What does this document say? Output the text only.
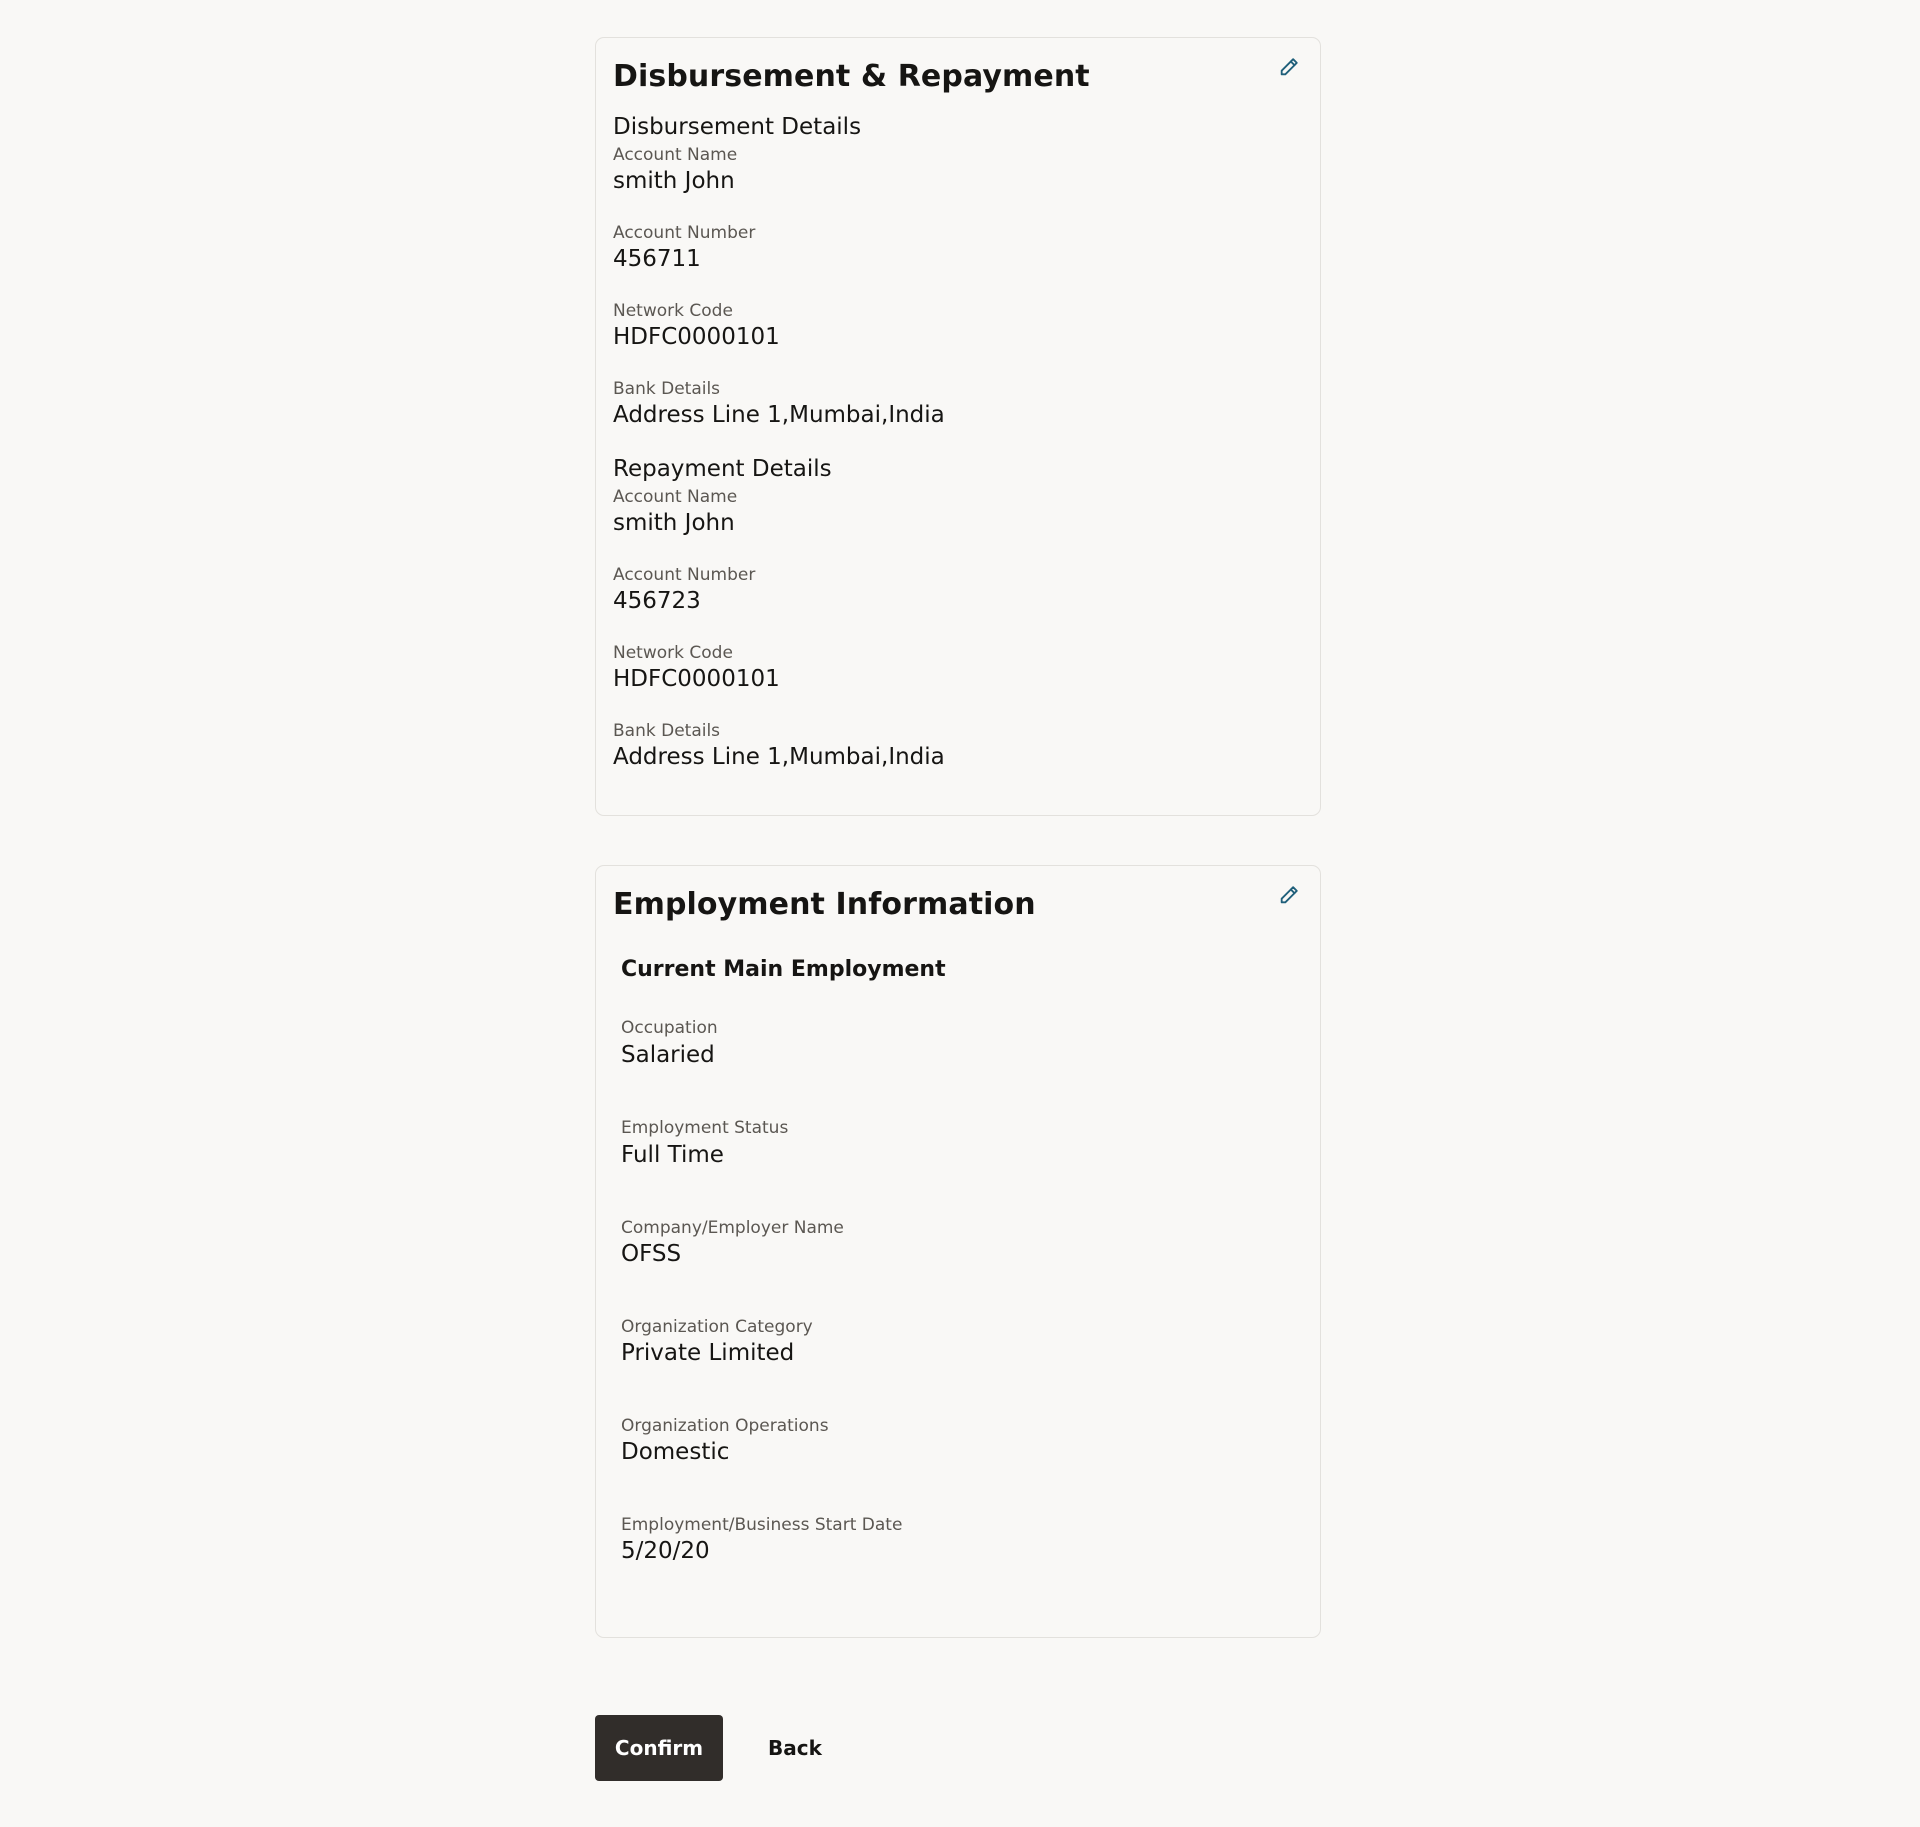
Disbursement & Repayment
Disbursement Details
Account Name
smith John
Account Number
456711
Network Code
HDFC0000101
Bank Details
Address Line 1,Mumbai,India
Repayment Details
Account Name
smith John
Account Number
456723
Network Code
HDFC0000101
Bank Details
Address Line 1,Mumbai,India
Employment Information
Current Main Employment
Occupation
Salaried
Employment Status
Full Time
Company/Employer Name
OFSS
Organization Category
Private Limited
Organization Operations
Domestic
Employment/Business Start Date
5/20/20
Confirm	Back
